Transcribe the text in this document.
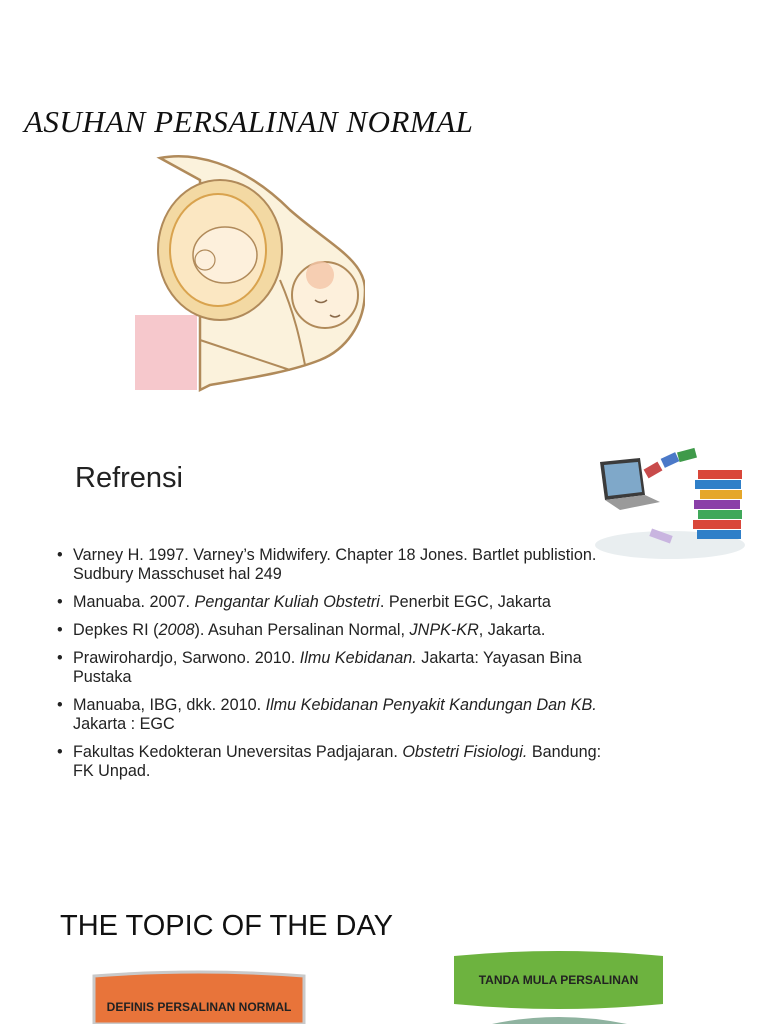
ASUHAN PERSALINAN NORMAL
Refrensi
• Varney H. 1997. Varney’s Midwifery. Chapter 18 Jones. Bartlet publistion. Sudbury Masschuset hal 249
• Manuaba. 2007. Pengantar Kuliah Obstetri. Penerbit EGC, Jakarta
• Depkes RI (2008). Asuhan Persalinan Normal, JNPK-KR, Jakarta.
• Prawirohardjo, Sarwono. 2010. Ilmu Kebidanan. Jakarta: Yayasan Bina Pustaka
• Manuaba, IBG, dkk. 2010. Ilmu Kebidanan Penyakit Kandungan Dan KB. Jakarta : EGC
• Fakultas Kedokteran Uneversitas Padjajaran. Obstetri Fisiologi. Bandung: FK Unpad.
THE TOPIC OF THE DAY
DEFINIS PERSALINAN NORMAL
TANDA MULA PERSALINAN
